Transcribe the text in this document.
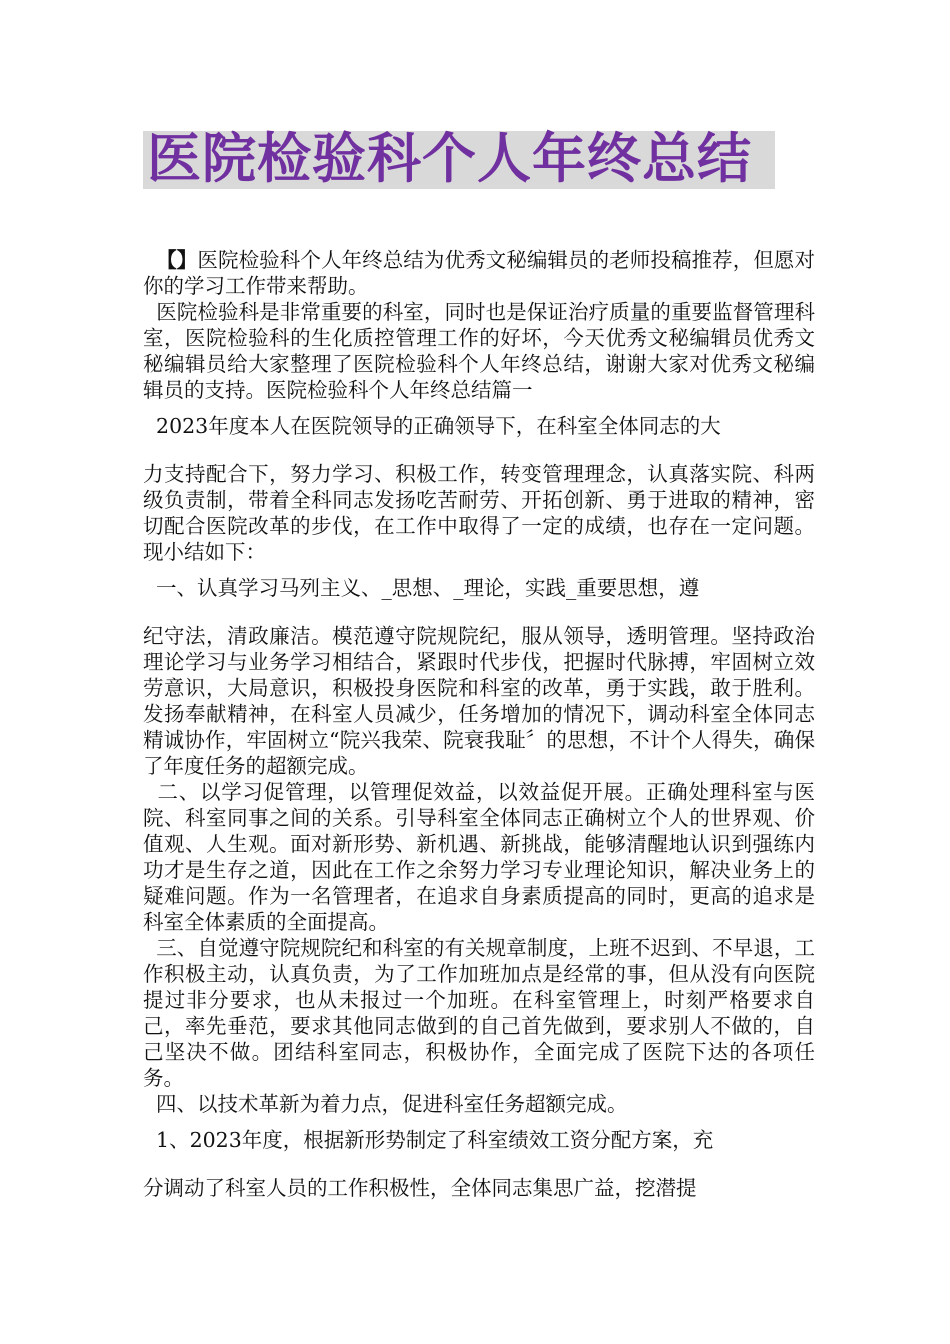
医院检验科个人年终总结

【】医院检验科个人年终总结为优秀文秘编辑员的老师投稿推荐，但愿对你的学习工作带来帮助。

医院检验科是非常重要的科室，同时也是保证治疗质量的重要监督管理科室，医院检验科的生化质控管理工作的好坏，今天优秀文秘编辑员优秀文秘编辑员给大家整理了医院检验科个人年终总结，谢谢大家对优秀文秘编辑员的支持。医院检验科个人年终总结篇一

2023年度本人在医院领导的正确领导下，在科室全体同志的大

力支持配合下，努力学习、积极工作，转变管理理念，认真落实院、科两级负责制，带着全科同志发扬吃苦耐劳、开拓创新、勇于进取的精神，密切配合医院改革的步伐，在工作中取得了一定的成绩，也存在一定问题。现小结如下：

一、认真学习马列主义、_思想、_理论，实践_重要思想，遵

纪守法，清政廉洁。模范遵守院规院纪，服从领导，透明管理。坚持政治理论学习与业务学习相结合，紧跟时代步伐，把握时代脉搏，牢固树立效劳意识，大局意识，积极投身医院和科室的改革，勇于实践，敢于胜利。发扬奉献精神，在科室人员减少，任务增加的情况下，调动科室全体同志精诚协作，牢固树立“院兴我荣、院衰我耻〞的思想，不计个人得失，确保了年度任务的超额完成。

二、以学习促管理，以管理促效益，以效益促开展。正确处理科室与医院、科室同事之间的关系。引导科室全体同志正确树立个人的世界观、价值观、人生观。面对新形势、新机遇、新挑战，能够清醒地认识到强练内功才是生存之道，因此在工作之余努力学习专业理论知识，解决业务上的疑难问题。作为一名管理者，在追求自身素质提高的同时，更高的追求是科室全体素质的全面提高。

三、自觉遵守院规院纪和科室的有关规章制度，上班不迟到、不早退，工作积极主动，认真负责，为了工作加班加点是经常的事，但从没有向医院提过非分要求，也从未报过一个加班。在科室管理上，时刻严格要求自己，率先垂范，要求其他同志做到的自己首先做到，要求别人不做的，自己坚决不做。团结科室同志，积极协作，全面完成了医院下达的各项任务。

四、以技术革新为着力点，促进科室任务超额完成。

1、2023年度，根据新形势制定了科室绩效工资分配方案，充

分调动了科室人员的工作积极性，全体同志集思广益，挖潜提
